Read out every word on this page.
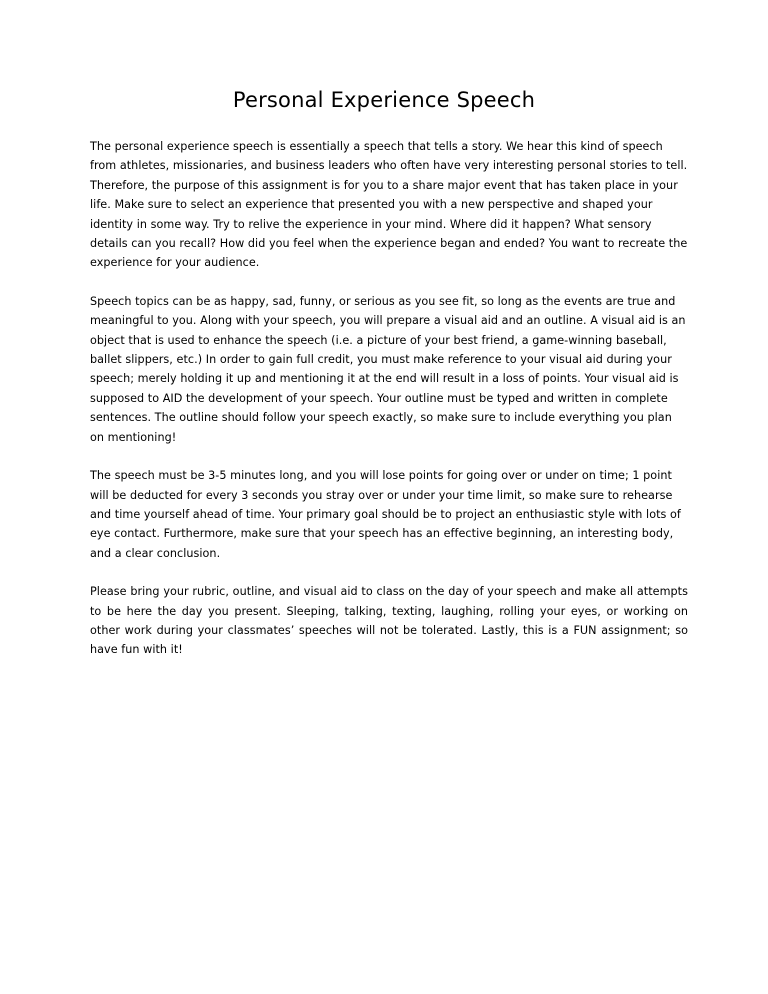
Personal Experience Speech

The personal experience speech is essentially a speech that tells a story. We hear this kind of speech from athletes, missionaries, and business leaders who often have very interesting personal stories to tell. Therefore, the purpose of this assignment is for you to a share major event that has taken place in your life. Make sure to select an experience that presented you with a new perspective and shaped your identity in some way. Try to relive the experience in your mind. Where did it happen? What sensory details can you recall? How did you feel when the experience began and ended? You want to recreate the experience for your audience.

Speech topics can be as happy, sad, funny, or serious as you see fit, so long as the events are true and meaningful to you. Along with your speech, you will prepare a visual aid and an outline. A visual aid is an object that is used to enhance the speech (i.e. a picture of your best friend, a game-winning baseball, ballet slippers, etc.) In order to gain full credit, you must make reference to your visual aid during your speech; merely holding it up and mentioning it at the end will result in a loss of points. Your visual aid is supposed to AID the development of your speech. Your outline must be typed and written in complete sentences. The outline should follow your speech exactly, so make sure to include everything you plan on mentioning!

The speech must be 3-5 minutes long, and you will lose points for going over or under on time; 1 point will be deducted for every 3 seconds you stray over or under your time limit, so make sure to rehearse and time yourself ahead of time. Your primary goal should be to project an enthusiastic style with lots of eye contact. Furthermore, make sure that your speech has an effective beginning, an interesting body, and a clear conclusion.

Please bring your rubric, outline, and visual aid to class on the day of your speech and make all attempts to be here the day you present. Sleeping, talking, texting, laughing, rolling your eyes, or working on other work during your classmates’ speeches will not be tolerated. Lastly, this is a FUN assignment; so have fun with it!
